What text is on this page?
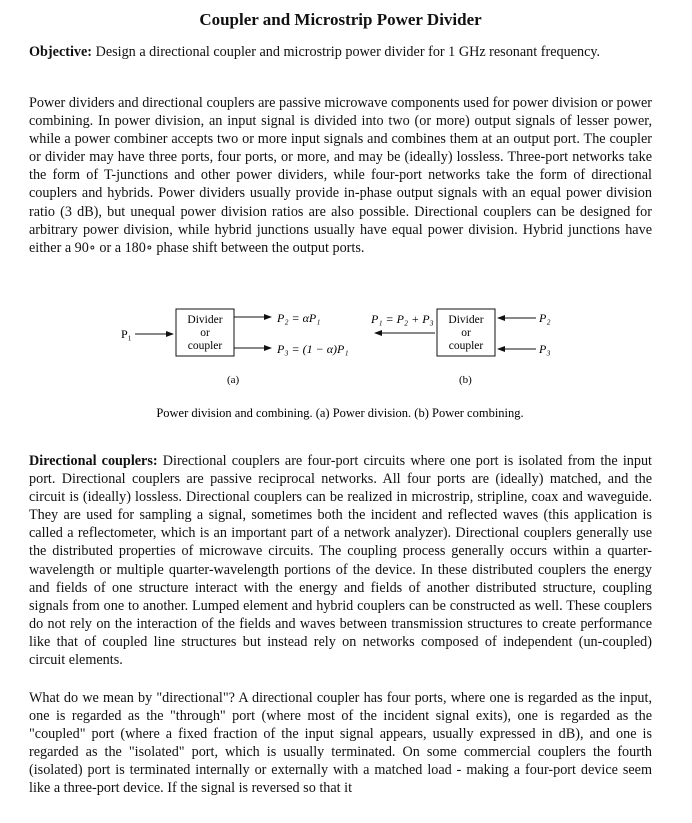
Coupler and Microstrip Power Divider

Objective: Design a directional coupler and microstrip power divider for 1 GHz resonant frequency.

Power dividers and directional couplers are passive microwave components used for power division or power combining. In power division, an input signal is divided into two (or more) output signals of lesser power, while a power combiner accepts two or more input signals and combines them at an output port. The coupler or divider may have three ports, four ports, or more, and may be (ideally) lossless. Three-port networks take the form of T-junctions and other power dividers, while four-port networks take the form of directional couplers and hybrids. Power dividers usually provide in-phase output signals with an equal power division ratio (3 dB), but unequal power division ratios are also possible. Directional couplers can be designed for arbitrary power division, while hybrid junctions usually have equal power division. Hybrid junctions have either a 90∘ or a 180∘ phase shift between the output ports.

P₁
Divider
or
coupler
P₂ = αP₁
P₃ = (1 − α)P₁
(a)
P₁ = P₂ + P₃ Divider
or
coupler
P₂
P₃
(b)
Power division and combining. (a) Power division. (b) Power combining.

Directional couplers: Directional couplers are four-port circuits where one port is isolated from the input port. Directional couplers are passive reciprocal networks. All four ports are (ideally) matched, and the circuit is (ideally) lossless. Directional couplers can be realized in microstrip, stripline, coax and waveguide. They are used for sampling a signal, sometimes both the incident and reflected waves (this application is called a reflectometer, which is an important part of a network analyzer). Directional couplers generally use the distributed properties of microwave circuits. The coupling process generally occurs within a quarter-wavelength or multiple quarter-wavelength portions of the device. In these distributed couplers the energy and fields of one structure interact with the energy and fields of another distributed structure, coupling signals from one to another. Lumped element and hybrid couplers can be constructed as well. These couplers do not rely on the interaction of the fields and waves between transmission structures to create performance like that of coupled line structures but instead rely on networks composed of independent (un-coupled) circuit elements.

What do we mean by "directional"? A directional coupler has four ports, where one is regarded as the input, one is regarded as the "through" port (where most of the incident signal exits), one is regarded as the "coupled" port (where a fixed fraction of the input signal appears, usually expressed in dB), and one is regarded as the "isolated" port, which is usually terminated. On some commercial couplers the fourth (isolated) port is terminated internally or externally with a matched load - making a four-port device seem like a three-port device. If the signal is reversed so that it
